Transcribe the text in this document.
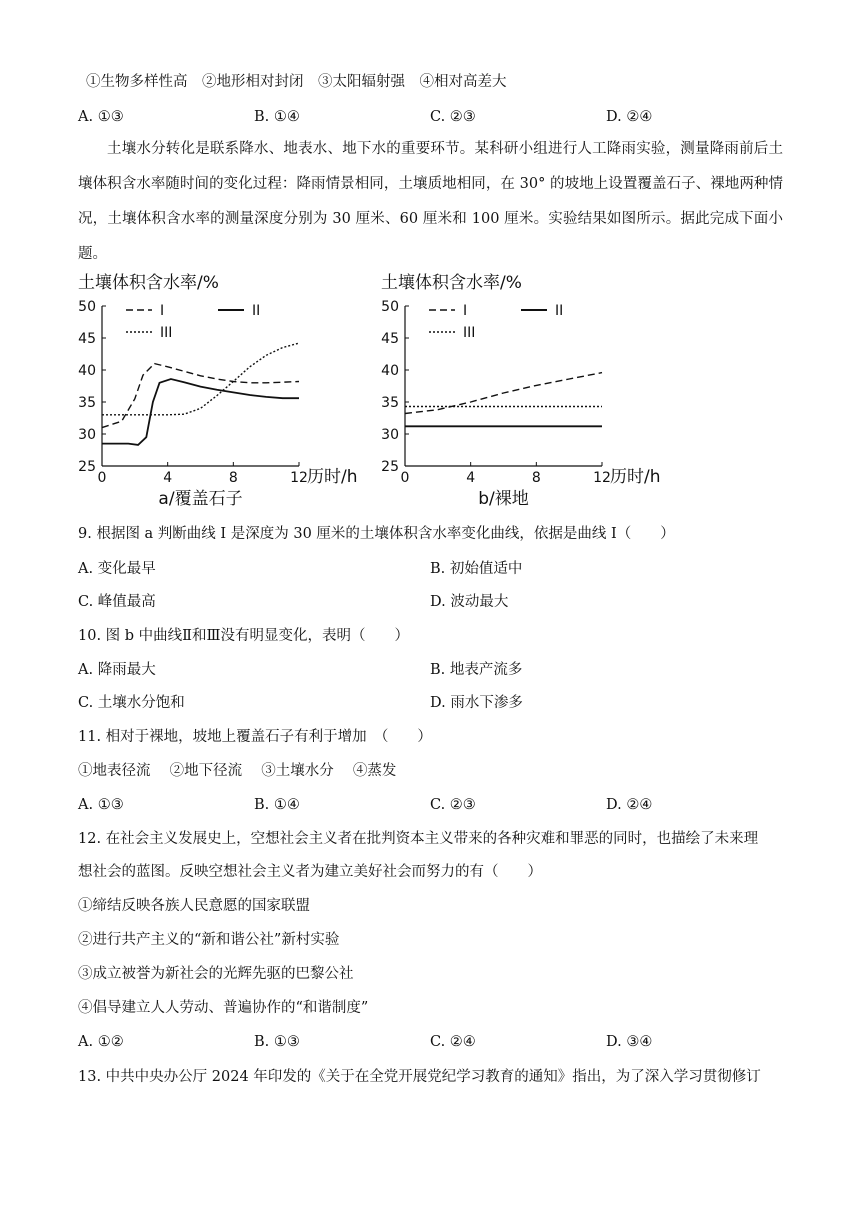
①生物多样性高　②地形相对封闭　③太阳辐射强　④相对高差大
A. ①③	B. ①④	C. ②③	D. ②④

土壤水分转化是联系降水、地表水、地下水的重要环节。某科研小组进行人工降雨实验，测量降雨前后土壤体积含水率随时间的变化过程：降雨情景相同，土壤质地相同，在 30° 的坡地上设置覆盖石子、裸地两种情况，土壤体积含水率的测量深度分别为 30 厘米、60 厘米和 100 厘米。实验结果如图所示。据此完成下面小题。

土壤体积含水率/%
25
30
35
40
45
50
0	4	8	12 历时/h
a/覆盖石子
I	II
III
土壤体积含水率/%
25
30
35
40
45
50
0	4	8	12 历时/h
b/裸地
I	II
III
9. 根据图 a 判断曲线 I 是深度为 30 厘米的土壤体积含水率变化曲线，依据是曲线 I（　　）
A. 变化最早	B. 初始值适中
C. 峰值最高	D. 波动最大
10. 图 b 中曲线Ⅱ和Ⅲ没有明显变化，表明（　　）
A. 降雨最大	B. 地表产流多
C. 土壤水分饱和	D. 雨水下渗多
11. 相对于裸地，坡地上覆盖石子有利于增加　（　　）
①地表径流　 ②地下径流　 ③土壤水分　 ④蒸发
A. ①③	B. ①④	C. ②③	D. ②④
12. 在社会主义发展史上，空想社会主义者在批判资本主义带来的各种灾难和罪恶的同时，也描绘了未来理
想社会的蓝图。反映空想社会主义者为建立美好社会而努力的有（　　）
①缔结反映各族人民意愿的国家联盟
②进行共产主义的“新和谐公社”新村实验
③成立被誉为新社会的光辉先驱的巴黎公社
④倡导建立人人劳动、普遍协作的“和谐制度”
A. ①②	B. ①③	C. ②④	D. ③④
13. 中共中央办公厅 2024 年印发的《关于在全党开展党纪学习教育的通知》指出，为了深入学习贯彻修订
